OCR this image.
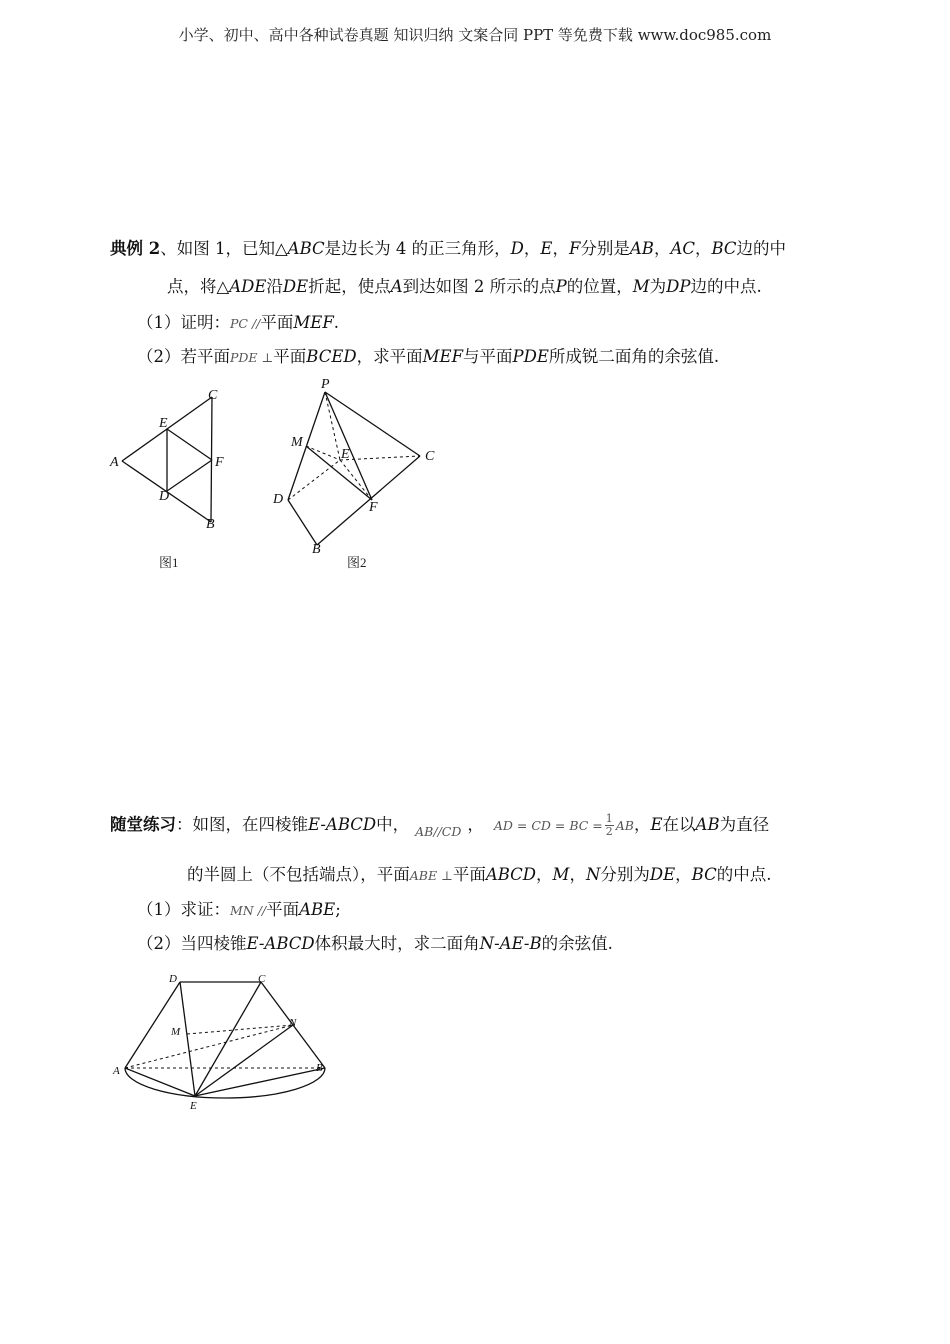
小学、初中、高中各种试卷真题 知识归纳 文案合同 PPT 等免费下载 www.doc985.com
典例 2、如图 1，已知△ABC是边长为 4 的正三角形，D，E，F分别是AB，AC，BC边的中
点，将△ADE沿DE折起，使点A到达如图 2 所示的点P的位置，M为DP边的中点.
（1）证明：PC //平面MEF.
（2）若平面PDE ⊥平面BCED，求平面MEF与平面PDE所成锐二面角的余弦值.
A
B
C
D
E
F
图1
P
M
E	C
D
F
B
图2
随堂练习：如图，在四棱锥E-ABCD中， AB//CD ， AD = CD = BC = $\frac{1}{2}$ AB，E在以AB为直径
的半圆上（不包括端点），平面ABE ⊥平面ABCD，M，N分别为DE，BC的中点.
（1）求证：MN //平面ABE;
（2）当四棱锥E-ABCD体积最大时，求二面角N-AE-B的余弦值.
D	C
M
N
A	B
E
